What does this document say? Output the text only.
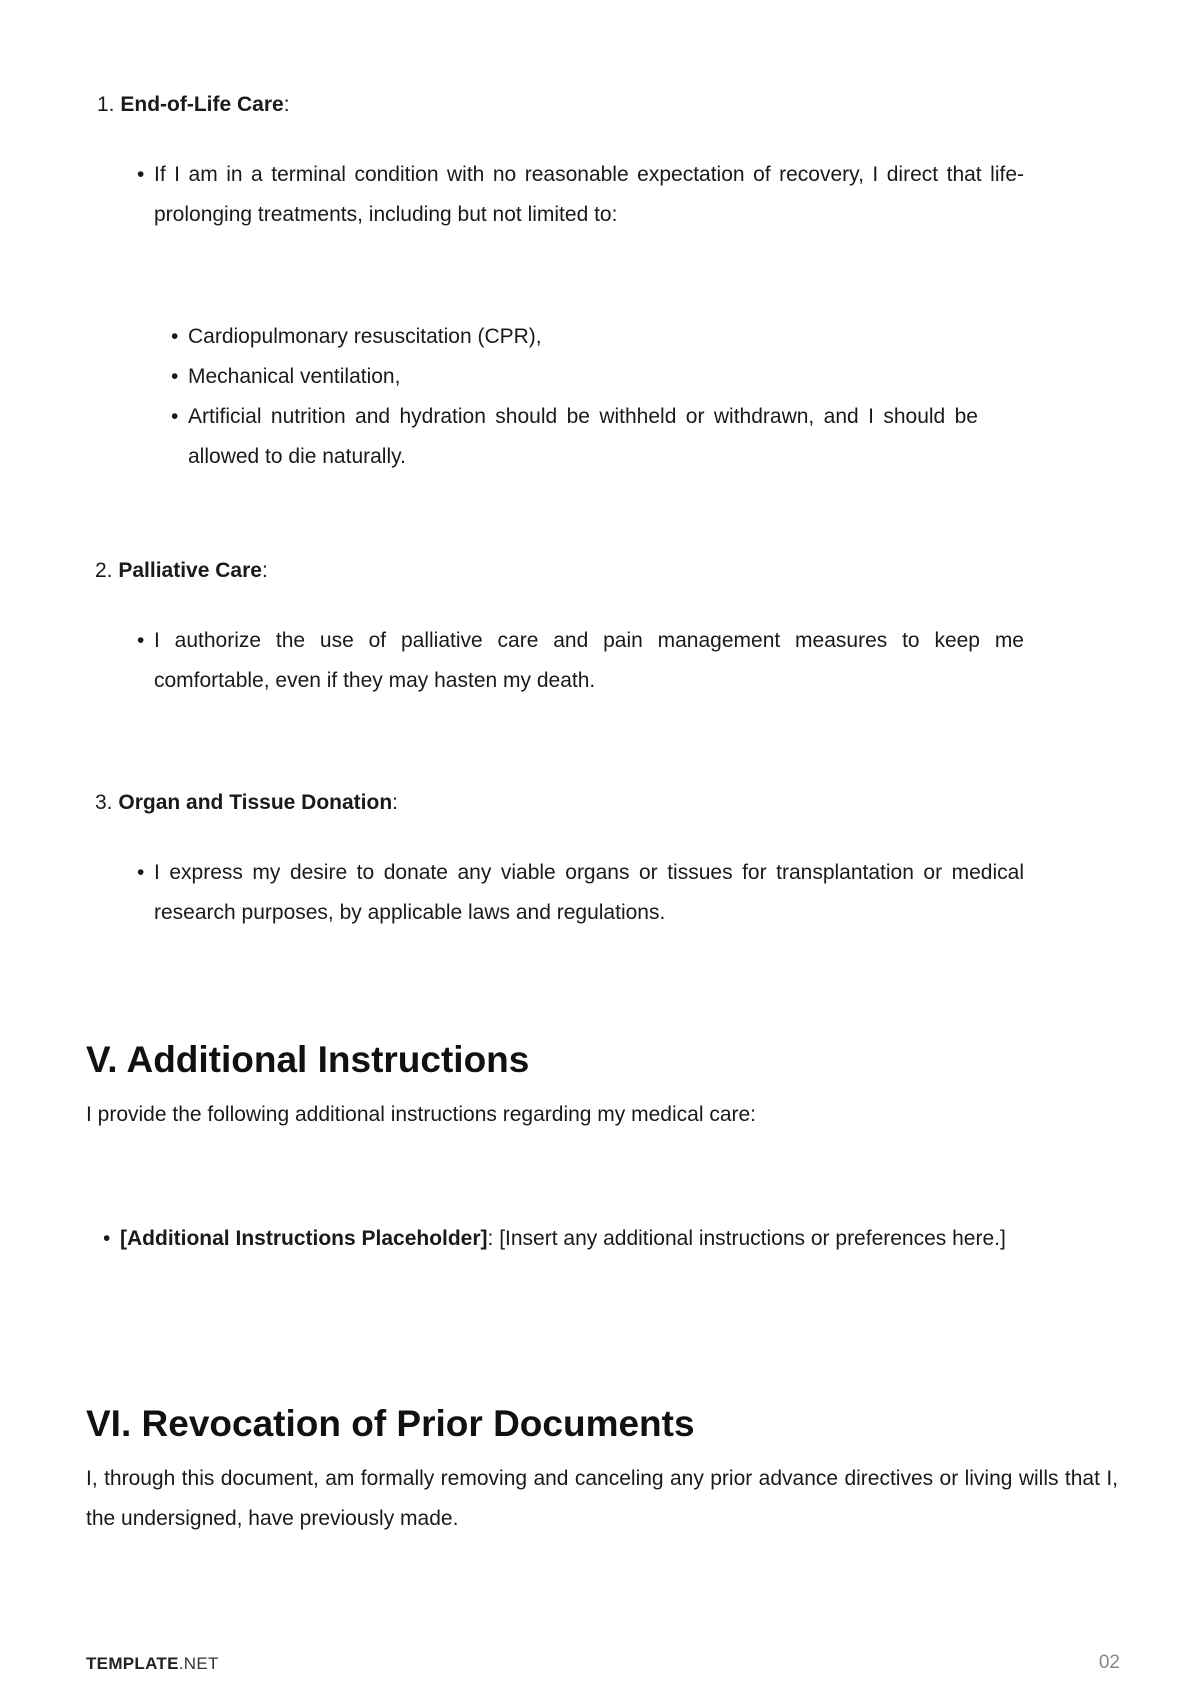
1. End-of-Life Care:
• If I am in a terminal condition with no reasonable expectation of recovery, I direct that life-prolonging treatments, including but not limited to:
• Cardiopulmonary resuscitation (CPR),
• Mechanical ventilation,
• Artificial nutrition and hydration should be withheld or withdrawn, and I should be allowed to die naturally.
2. Palliative Care:
• I authorize the use of palliative care and pain management measures to keep me comfortable, even if they may hasten my death.
3. Organ and Tissue Donation:
• I express my desire to donate any viable organs or tissues for transplantation or medical research purposes, by applicable laws and regulations.
V. Additional Instructions
I provide the following additional instructions regarding my medical care:
• [Additional Instructions Placeholder]: [Insert any additional instructions or preferences here.]
VI. Revocation of Prior Documents
I, through this document, am formally removing and canceling any prior advance directives or living wills that I, the undersigned, have previously made.
TEMPLATE.NET	02
